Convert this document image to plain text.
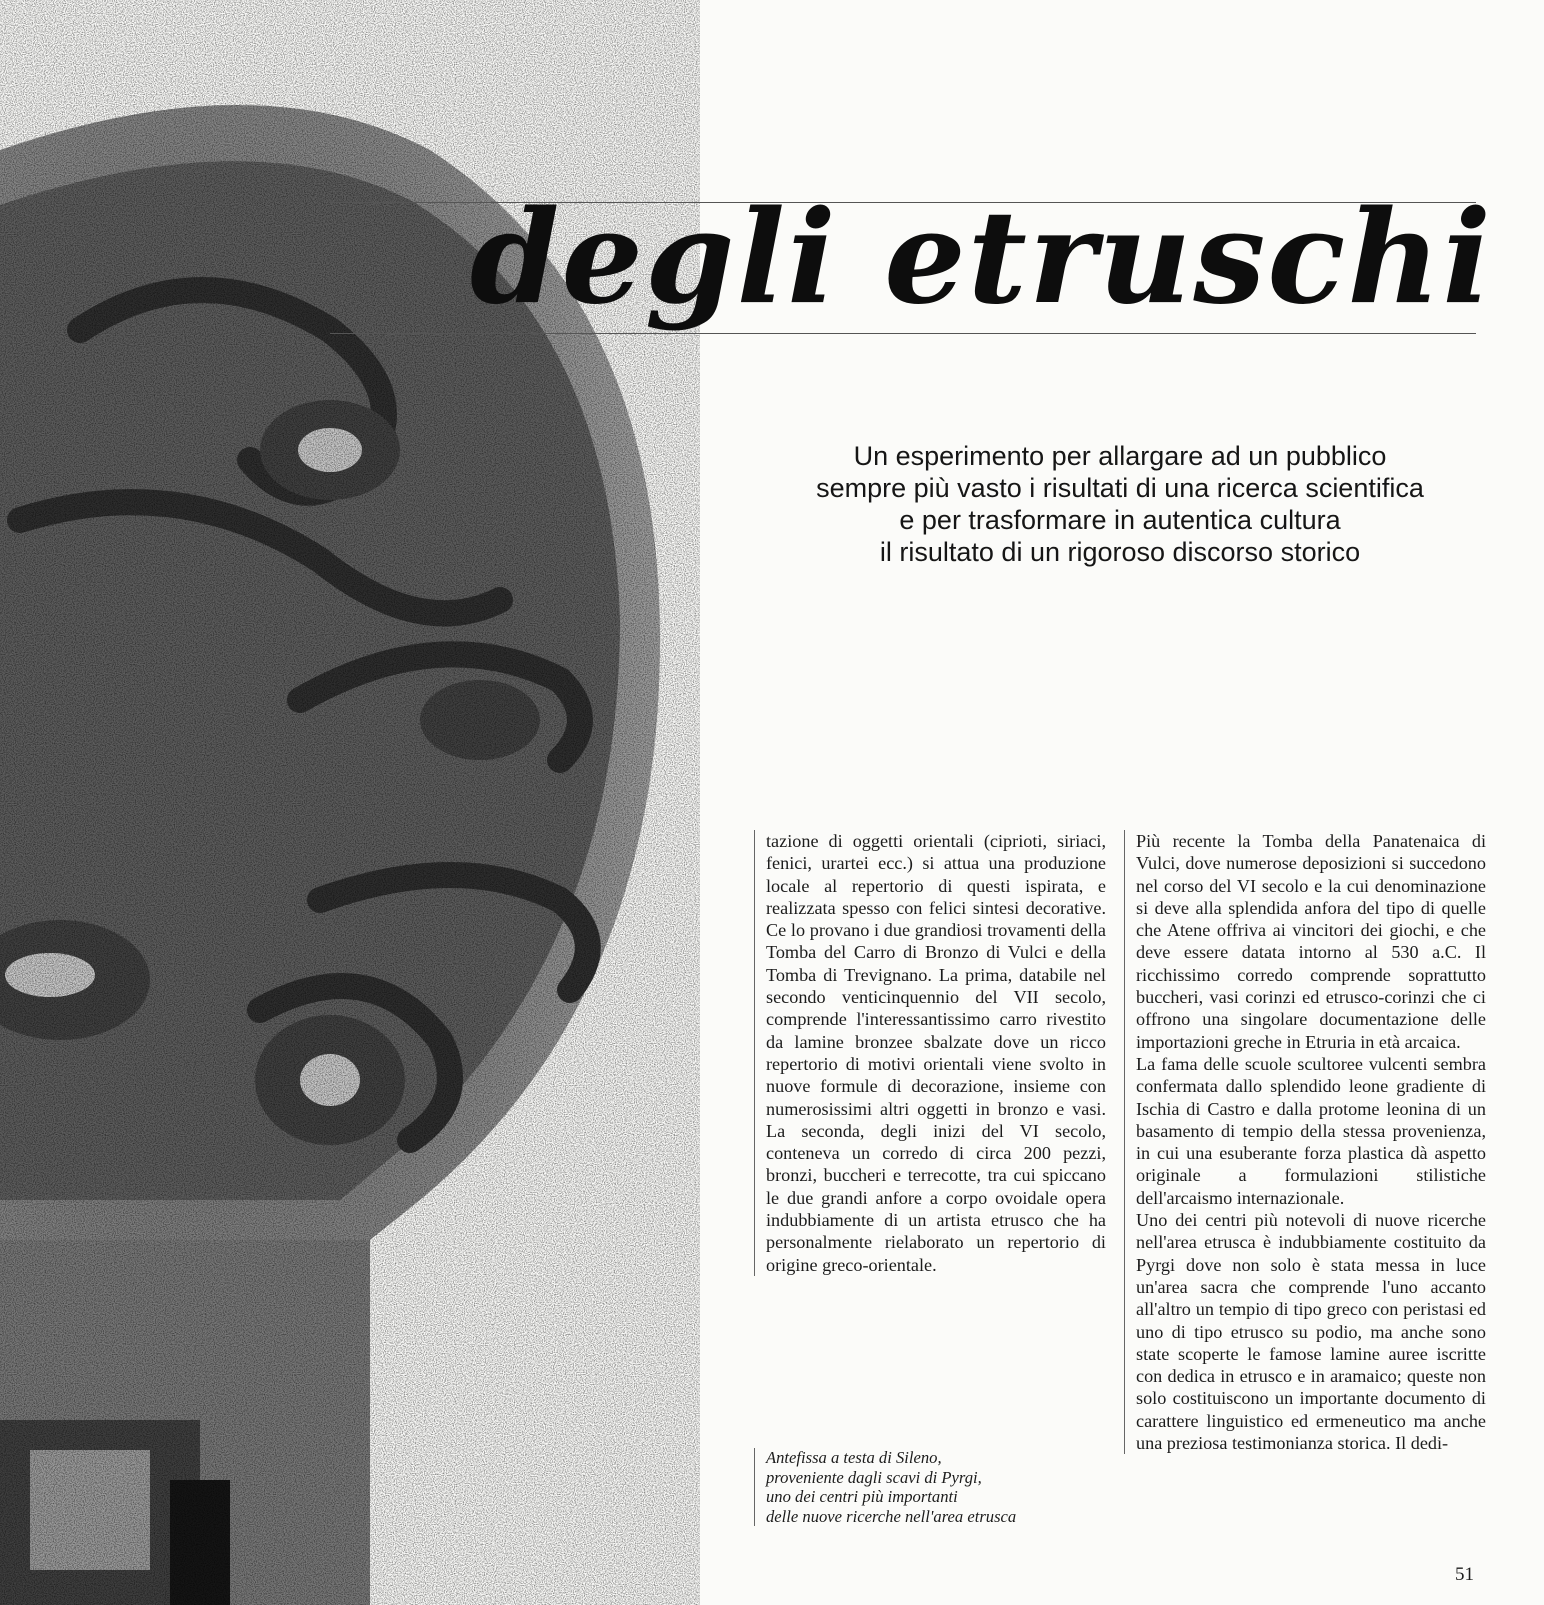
degli etruschi
Un esperimento per allargare ad un pubblico
sempre più vasto i risultati di una ricerca scientifica
e per trasformare in autentica cultura
il risultato di un rigoroso discorso storico

tazione di oggetti orientali (ciprioti, siriaci, fenici, urartei ecc.) si attua una produzione locale al repertorio di questi ispirata, e realizzata spesso con felici sintesi decorative. Ce lo provano i due grandiosi trovamenti della Tomba del Carro di Bronzo di Vulci e della Tomba di Trevignano. La prima, databile nel secondo venticinquennio del VII secolo, comprende l'interessantissimo carro rivestito da lamine bronzee sbalzate dove un ricco repertorio di motivi orientali viene svolto in nuove formule di decorazione, insieme con numerosissimi altri oggetti in bronzo e vasi. La seconda, degli inizi del VI secolo, conteneva un corredo di circa 200 pezzi, bronzi, buccheri e terrecotte, tra cui spiccano le due grandi anfore a corpo ovoidale opera indubbiamente di un artista etrusco che ha personalmente rielaborato un repertorio di origine greco-orientale.

Più recente la Tomba della Panatenaica di Vulci, dove numerose deposizioni si succedono nel corso del VI secolo e la cui denominazione si deve alla splendida anfora del tipo di quelle che Atene offriva ai vincitori dei giochi, e che deve essere datata intorno al 530 a.C. Il ricchissimo corredo comprende soprattutto buccheri, vasi corinzi ed etrusco-corinzi che ci offrono una singolare documentazione delle importazioni greche in Etruria in età arcaica.

La fama delle scuole scultoree vulcenti sembra confermata dallo splendido leone gradiente di Ischia di Castro e dalla protome leonina di un basamento di tempio della stessa provenienza, in cui una esuberante forza plastica dà aspetto originale a formulazioni stilistiche dell'arcaismo internazionale.

Uno dei centri più notevoli di nuove ricerche nell'area etrusca è indubbiamente costituito da Pyrgi dove non solo è stata messa in luce un'area sacra che comprende l'uno accanto all'altro un tempio di tipo greco con peristasi ed uno di tipo etrusco su podio, ma anche sono state scoperte le famose lamine auree iscritte con dedica in etrusco e in aramaico; queste non solo costituiscono un importante documento di carattere linguistico ed ermeneutico ma anche una preziosa testimonianza storica. Il dedi-

Antefissa a testa di Sileno,
proveniente dagli scavi di Pyrgi,
uno dei centri più importanti
delle nuove ricerche nell'area etrusca
51
